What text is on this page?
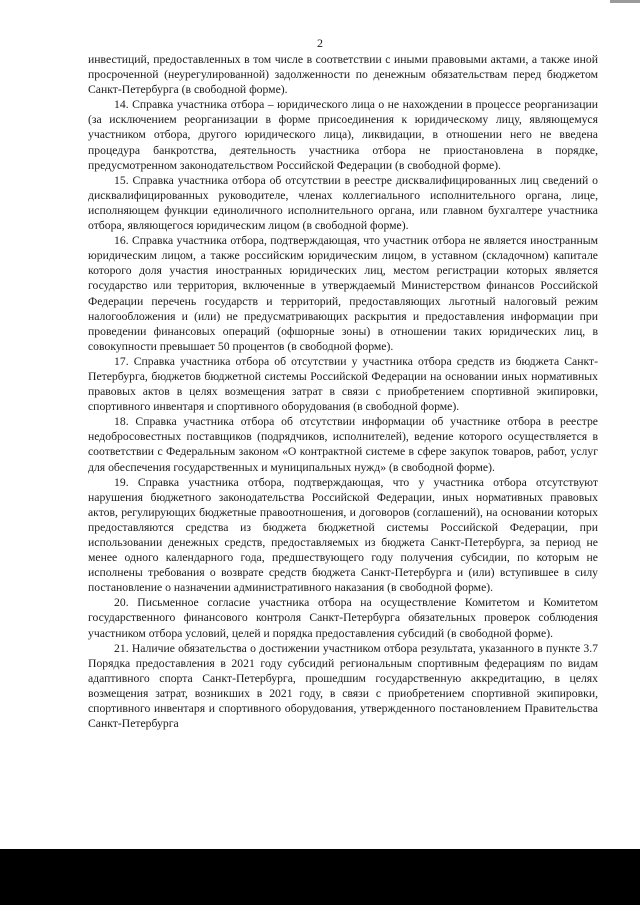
2

инвестиций, предоставленных в том числе в соответствии с иными правовыми актами, а также иной просроченной (неурегулированной) задолженности по денежным обязательствам перед бюджетом Санкт-Петербурга (в свободной форме).

14. Справка участника отбора – юридического лица о не нахождении в процессе реорганизации (за исключением реорганизации в форме присоединения к юридическому лицу, являющемуся участником отбора, другого юридического лица), ликвидации, в отношении него не введена процедура банкротства, деятельность участника отбора не приостановлена в порядке, предусмотренном законодательством Российской Федерации (в свободной форме).

15. Справка участника отбора об отсутствии в реестре дисквалифицированных лиц сведений о дисквалифицированных руководителе, членах коллегиального исполнительного органа, лице, исполняющем функции единоличного исполнительного органа, или главном бухгалтере участника отбора, являющегося юридическим лицом (в свободной форме).

16. Справка участника отбора, подтверждающая, что участник отбора не является иностранным юридическим лицом, а также российским юридическим лицом, в уставном (складочном) капитале которого доля участия иностранных юридических лиц, местом регистрации которых является государство или территория, включенные в утверждаемый Министерством финансов Российской Федерации перечень государств и территорий, предоставляющих льготный налоговый режим налогообложения и (или) не предусматривающих раскрытия и предоставления информации при проведении финансовых операций (офшорные зоны) в отношении таких юридических лиц, в совокупности превышает 50 процентов (в свободной форме).

17. Справка участника отбора об отсутствии у участника отбора средств из бюджета Санкт-Петербурга, бюджетов бюджетной системы Российской Федерации на основании иных нормативных правовых актов в целях возмещения затрат в связи с приобретением спортивной экипировки, спортивного инвентаря и спортивного оборудования (в свободной форме).

18. Справка участника отбора об отсутствии информации об участнике отбора в реестре недобросовестных поставщиков (подрядчиков, исполнителей), ведение которого осуществляется в соответствии с Федеральным законом «О контрактной системе в сфере закупок товаров, работ, услуг для обеспечения государственных и муниципальных нужд» (в свободной форме).

19. Справка участника отбора, подтверждающая, что у участника отбора отсутствуют нарушения бюджетного законодательства Российской Федерации, иных нормативных правовых актов, регулирующих бюджетные правоотношения, и договоров (соглашений), на основании которых предоставляются средства из бюджета бюджетной системы Российской Федерации, при использовании денежных средств, предоставляемых из бюджета Санкт-Петербурга, за период не менее одного календарного года, предшествующего году получения субсидии, по которым не исполнены требования о возврате средств бюджета Санкт-Петербурга и (или) вступившее в силу постановление о назначении административного наказания (в свободной форме).

20. Письменное согласие участника отбора на осуществление Комитетом и Комитетом государственного финансового контроля Санкт-Петербурга обязательных проверок соблюдения участником отбора условий, целей и порядка предоставления субсидий (в свободной форме).

21. Наличие обязательства о достижении участником отбора результата, указанного в пункте 3.7 Порядка предоставления в 2021 году субсидий региональным спортивным федерациям по видам адаптивного спорта Санкт-Петербурга, прошедшим государственную аккредитацию, в целях возмещения затрат, возникших в 2021 году, в связи с приобретением спортивной экипировки, спортивного инвентаря и спортивного оборудования, утвержденного постановлением Правительства Санкт-Петербурга
